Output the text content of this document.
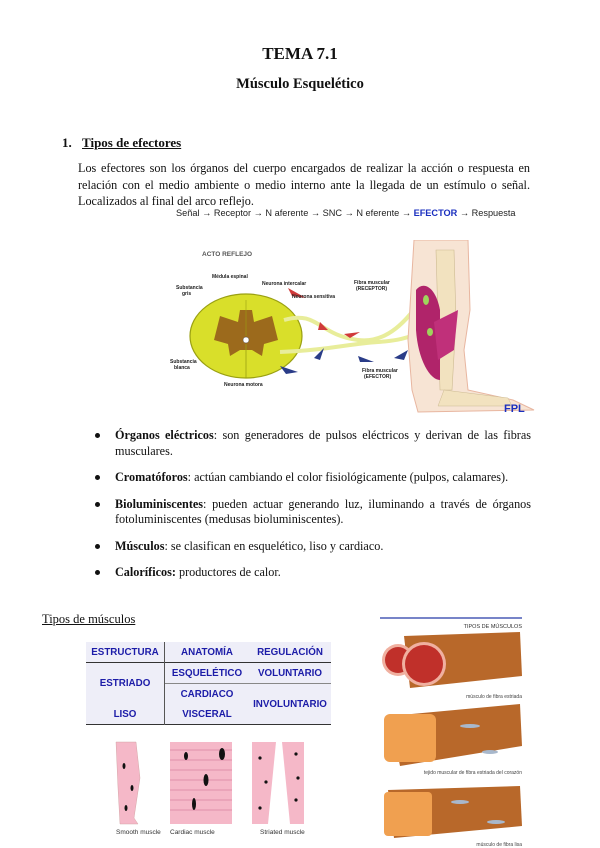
TEMA 7.1
Músculo Esquelético
1. Tipos de efectores
Los efectores son los órganos del cuerpo encargados de realizar la acción o respuesta en relación con el medio ambiente o medio interno ante la llegada de un estímulo o señal. Localizados al final del arco reflejo.
Señal → Receptor → N aferente → SNC → N eferente → EFECTOR → Respuesta
ACTO REFLEJO
Médula espinal
Substancia
gris
Neurona intercalar
Neurona sensitiva
Substancia
blanca
Neurona motora
Fibra muscular
(RECEPTOR)
Fibra muscular
(EFECTOR)
FPL
Órganos eléctricos: son generadores de pulsos eléctricos y derivan de las fibras musculares.
Cromatóforos: actúan cambiando el color fisiológicamente (pulpos, calamares).
Bioluminiscentes: pueden actuar generando luz, iluminando a través de órganos fotoluminiscentes (medusas bioluminiscentes).
Músculos: se clasifican en esquelético, liso y cardiaco.
Caloríficos: productores de calor.
Tipos de músculos
ESTRUCTURA	ANATOMÍA	REGULACIÓN
ESTRIADO	ESQUELÉTICO	VOLUNTARIO
	CARDIACO	INVOLUNTARIO
LISO	VISCERAL	
Smooth muscle Cardiac muscle	Striated muscle
TIPOS DE MÚSCULOS
músculo de fibra estriada
tejido muscular de fibra estriada del corazón
músculo de fibra lisa
